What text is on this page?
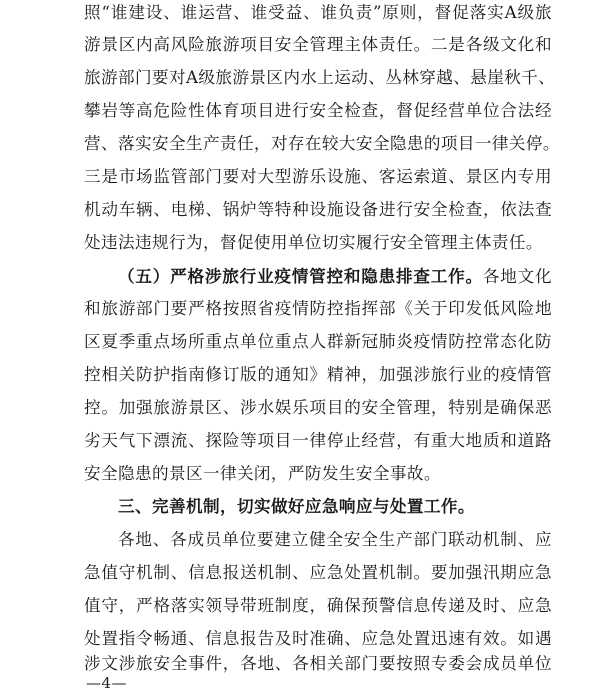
照“谁建设、谁运营、谁受益、谁负责”原则，督促落实A级旅
游景区内高风险旅游项目安全管理主体责任。二是各级文化和
旅游部门要对A级旅游景区内水上运动、丛林穿越、悬崖秋千、
攀岩等高危险性体育项目进行安全检查，督促经营单位合法经
营、落实安全生产责任，对存在较大安全隐患的项目一律关停。
三是市场监管部门要对大型游乐设施、客运索道、景区内专用
机动车辆、电梯、锅炉等特种设施设备进行安全检查，依法查
处违法违规行为，督促使用单位切实履行安全管理主体责任。
（五）严格涉旅行业疫情管控和隐患排查工作。各地文化
和旅游部门要严格按照省疫情防控指挥部《关于印发低风险地
区夏季重点场所重点单位重点人群新冠肺炎疫情防控常态化防
控相关防护指南修订版的通知》精神，加强涉旅行业的疫情管
控。加强旅游景区、涉水娱乐项目的安全管理，特别是确保恶
劣天气下漂流、探险等项目一律停止经营，有重大地质和道路
安全隐患的景区一律关闭，严防发生安全事故。
三、完善机制，切实做好应急响应与处置工作。
各地、各成员单位要建立健全安全生产部门联动机制、应
急值守机制、信息报送机制、应急处置机制。要加强汛期应急
值守，严格落实领导带班制度，确保预警信息传递及时、应急
处置指令畅通、信息报告及时准确、应急处置迅速有效。如遇
涉文涉旅安全事件，各地、各相关部门要按照专委会成员单位
—4—
